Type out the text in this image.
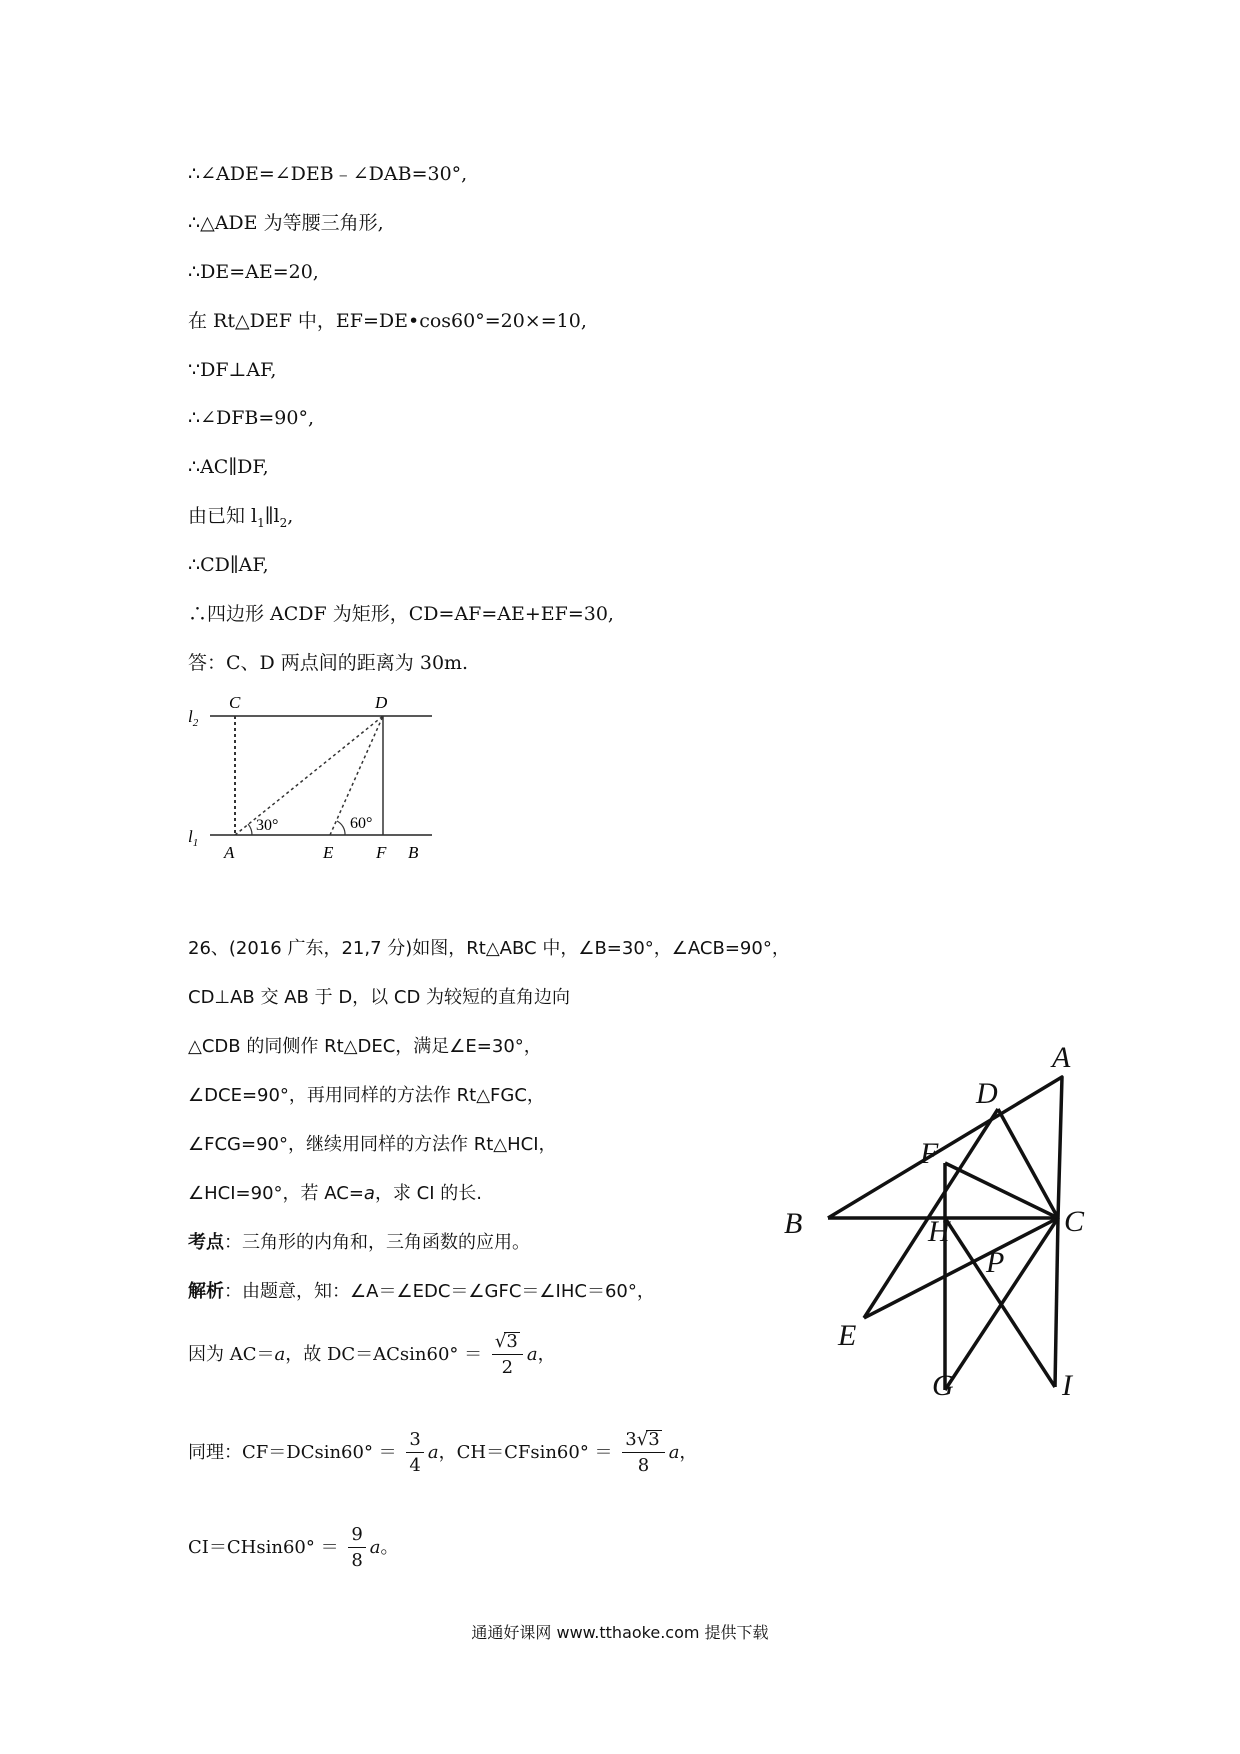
∴∠ADE=∠DEB﹣∠DAB=30°,
∴△ADE 为等腰三角形,
∴DE=AE=20,
在 Rt△DEF 中，EF=DE•cos60°=20×=10,
∵DF⊥AF,
∴∠DFB=90°,
∴AC∥DF,
由已知 $l_1\parallel l_2$,
∴CD∥AF,
∴四边形 ACDF 为矩形，CD=AF=AE+EF=30,
答：C、D 两点间的距离为 30m.
C	D
$l_2$
$l_1$ A	E	F B
30°	60°
26、(2016 广东，21,7 分)如图，Rt△ABC 中，∠B=30°，∠ACB=90°，
CD⊥AB 交 AB 于 D，以 CD 为较短的直角边向
△CDB 的同侧作 Rt△DEC，满足∠E=30°，
∠DCE=90°，再用同样的方法作 Rt△FGC，
∠FCG=90°，继续用同样的方法作 Rt△HCI，
∠HCI=90°，若 AC=a，求 CI 的长.
考点：三角形的内角和，三角函数的应用。
解析：由题意，知：∠A＝∠EDC＝∠GFC＝∠IHC＝60°，
因为 AC＝a，故 $DC=ACsin60^\circ = \frac{√3}{2}$ a，
同理：$CF=DCsin60^\circ = \frac{3}{4}$ a，$CH=CFsin60^\circ = \frac{3√3}{8}$ a，
$CI=CHsin60^\circ = \frac{9}{8}$ a。
A
D
F
B	H	C
P
E
G	I
通通好课网 www.tthaoke.com 提供下载
